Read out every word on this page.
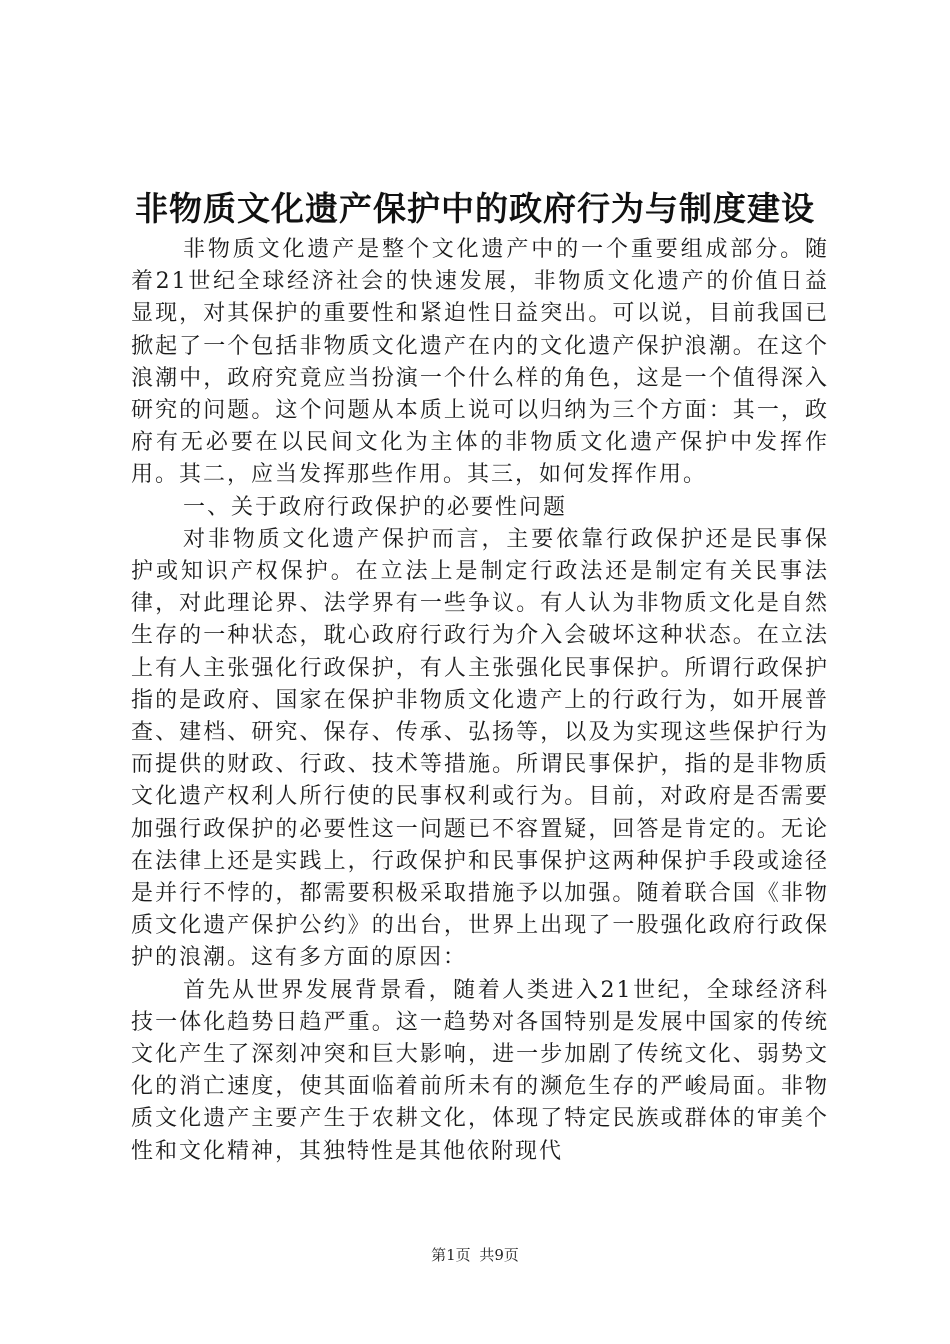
非物质文化遗产保护中的政府行为与制度建设

非物质文化遗产是整个文化遗产中的一个重要组成部分。随着21世纪全球经济社会的快速发展，非物质文化遗产的价值日益显现，对其保护的重要性和紧迫性日益突出。可以说，目前我国已掀起了一个包括非物质文化遗产在内的文化遗产保护浪潮。在这个浪潮中，政府究竟应当扮演一个什么样的角色，这是一个值得深入研究的问题。这个问题从本质上说可以归纳为三个方面：其一，政府有无必要在以民间文化为主体的非物质文化遗产保护中发挥作用。其二，应当发挥那些作用。其三，如何发挥作用。

一、关于政府行政保护的必要性问题

对非物质文化遗产保护而言，主要依靠行政保护还是民事保护或知识产权保护。在立法上是制定行政法还是制定有关民事法律，对此理论界、法学界有一些争议。有人认为非物质文化是自然生存的一种状态，耽心政府行政行为介入会破坏这种状态。在立法上有人主张强化行政保护，有人主张强化民事保护。所谓行政保护指的是政府、国家在保护非物质文化遗产上的行政行为，如开展普查、建档、研究、保存、传承、弘扬等，以及为实现这些保护行为而提供的财政、行政、技术等措施。所谓民事保护，指的是非物质文化遗产权利人所行使的民事权利或行为。目前，对政府是否需要加强行政保护的必要性这一问题已不容置疑，回答是肯定的。无论在法律上还是实践上，行政保护和民事保护这两种保护手段或途径是并行不悖的，都需要积极采取措施予以加强。随着联合国《非物质文化遗产保护公约》的出台，世界上出现了一股强化政府行政保护的浪潮。这有多方面的原因：

首先从世界发展背景看，随着人类进入21世纪，全球经济科技一体化趋势日趋严重。这一趋势对各国特别是发展中国家的传统文化产生了深刻冲突和巨大影响，进一步加剧了传统文化、弱势文化的消亡速度，使其面临着前所未有的濒危生存的严峻局面。非物质文化遗产主要产生于农耕文化，体现了特定民族或群体的审美个性和文化精神，其独特性是其他依附现代

第1页 共9页
